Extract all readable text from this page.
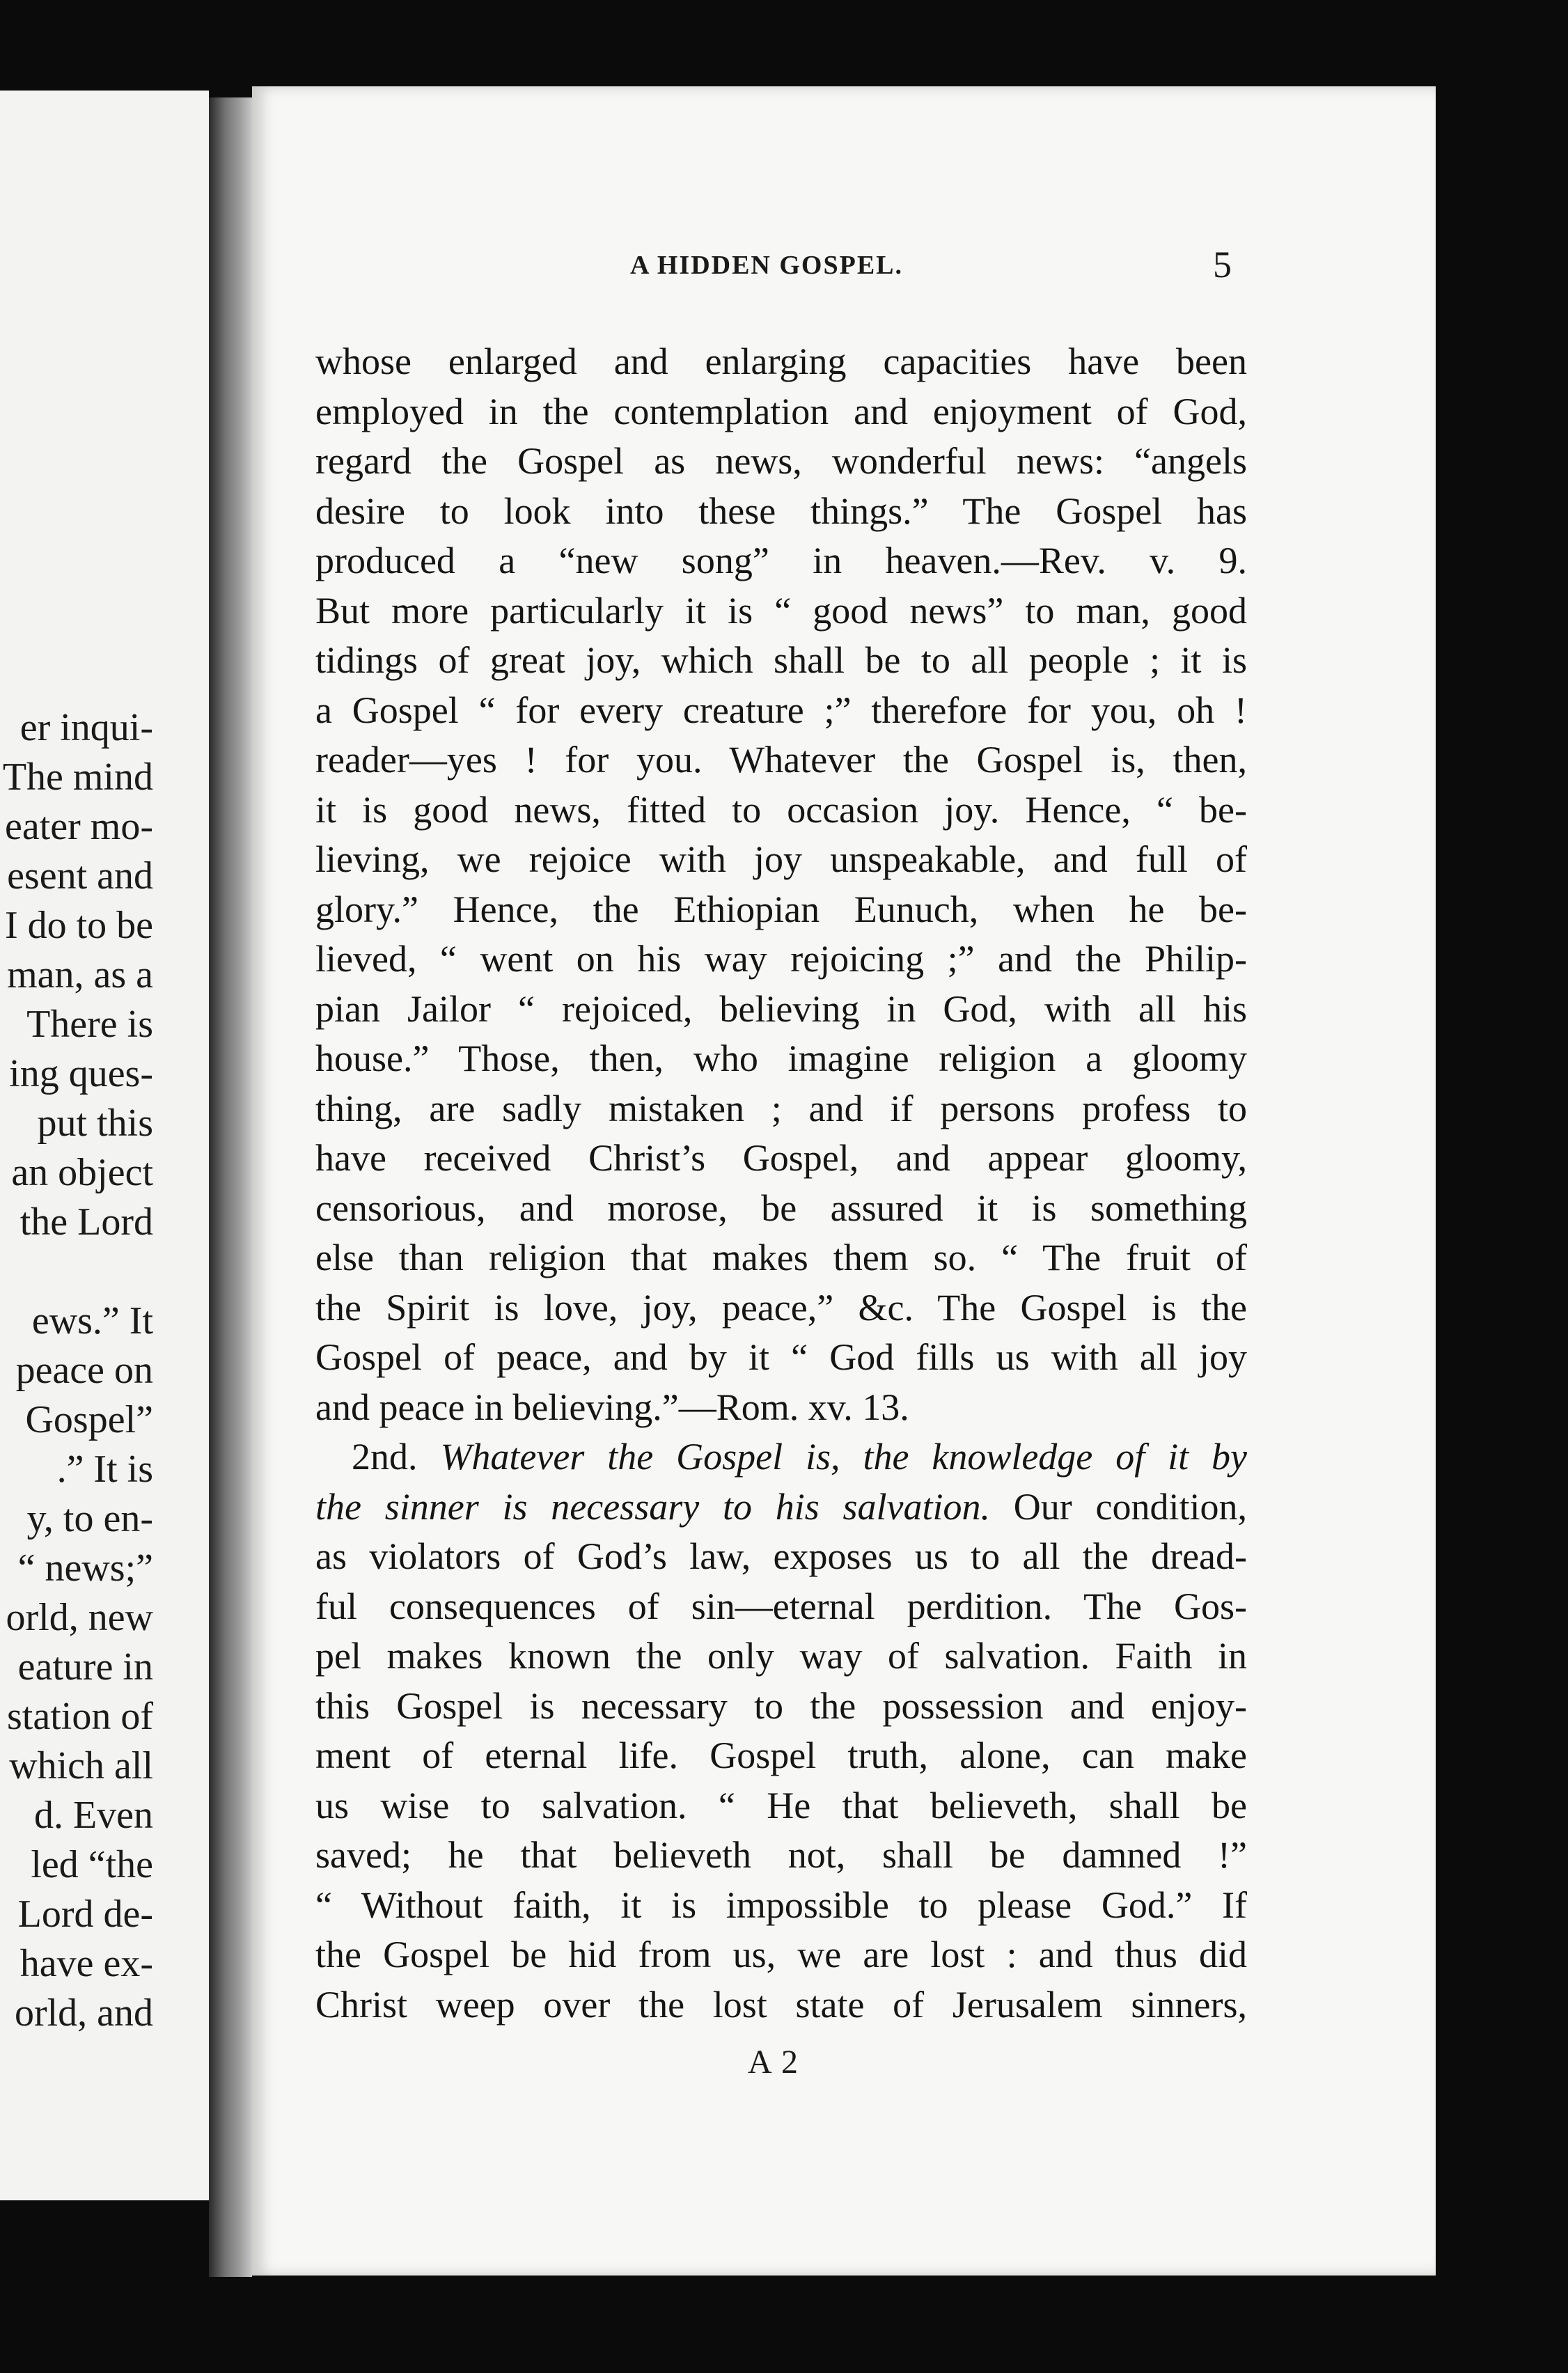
er inqui-
The mind
eater mo-
esent and
I do to be
man, as a
There is
ing ques-
put this
an object
the Lord
ews.” It
peace on
Gospel”
.” It is
y, to en-
“ news;”
orld, new
eature in
station of
which all
d. Even
led “the
Lord de-
have ex-
orld, and
A HIDDEN GOSPEL.	5
whose enlarged and enlarging capacities have been
employed in the contemplation and enjoyment of God,
regard the Gospel as news, wonderful news: “angels
desire to look into these things.” The Gospel has
produced a “new song” in heaven.—Rev. v. 9.
But more particularly it is “ good news” to man, good
tidings of great joy, which shall be to all people ; it is
a Gospel “ for every creature ;” therefore for you, oh !
reader—yes ! for you. Whatever the Gospel is, then,
it is good news, fitted to occasion joy. Hence, “ be-
lieving, we rejoice with joy unspeakable, and full of
glory.” Hence, the Ethiopian Eunuch, when he be-
lieved, “ went on his way rejoicing ;” and the Philip-
pian Jailor “ rejoiced, believing in God, with all his
house.” Those, then, who imagine religion a gloomy
thing, are sadly mistaken ; and if persons profess to
have received Christ’s Gospel, and appear gloomy,
censorious, and morose, be assured it is something
else than religion that makes them so. “ The fruit of
the Spirit is love, joy, peace,” &c. The Gospel is the
Gospel of peace, and by it “ God fills us with all joy
and peace in believing.”—Rom. xv. 13.
2nd. Whatever the Gospel is, the knowledge of it by
the sinner is necessary to his salvation. Our condition,
as violators of God’s law, exposes us to all the dread-
ful consequences of sin—eternal perdition. The Gos-
pel makes known the only way of salvation. Faith in
this Gospel is necessary to the possession and enjoy-
ment of eternal life. Gospel truth, alone, can make
us wise to salvation. “ He that believeth, shall be
saved; he that believeth not, shall be damned !”
“ Without faith, it is impossible to please God.” If
the Gospel be hid from us, we are lost : and thus did
Christ weep over the lost state of Jerusalem sinners,
A 2
